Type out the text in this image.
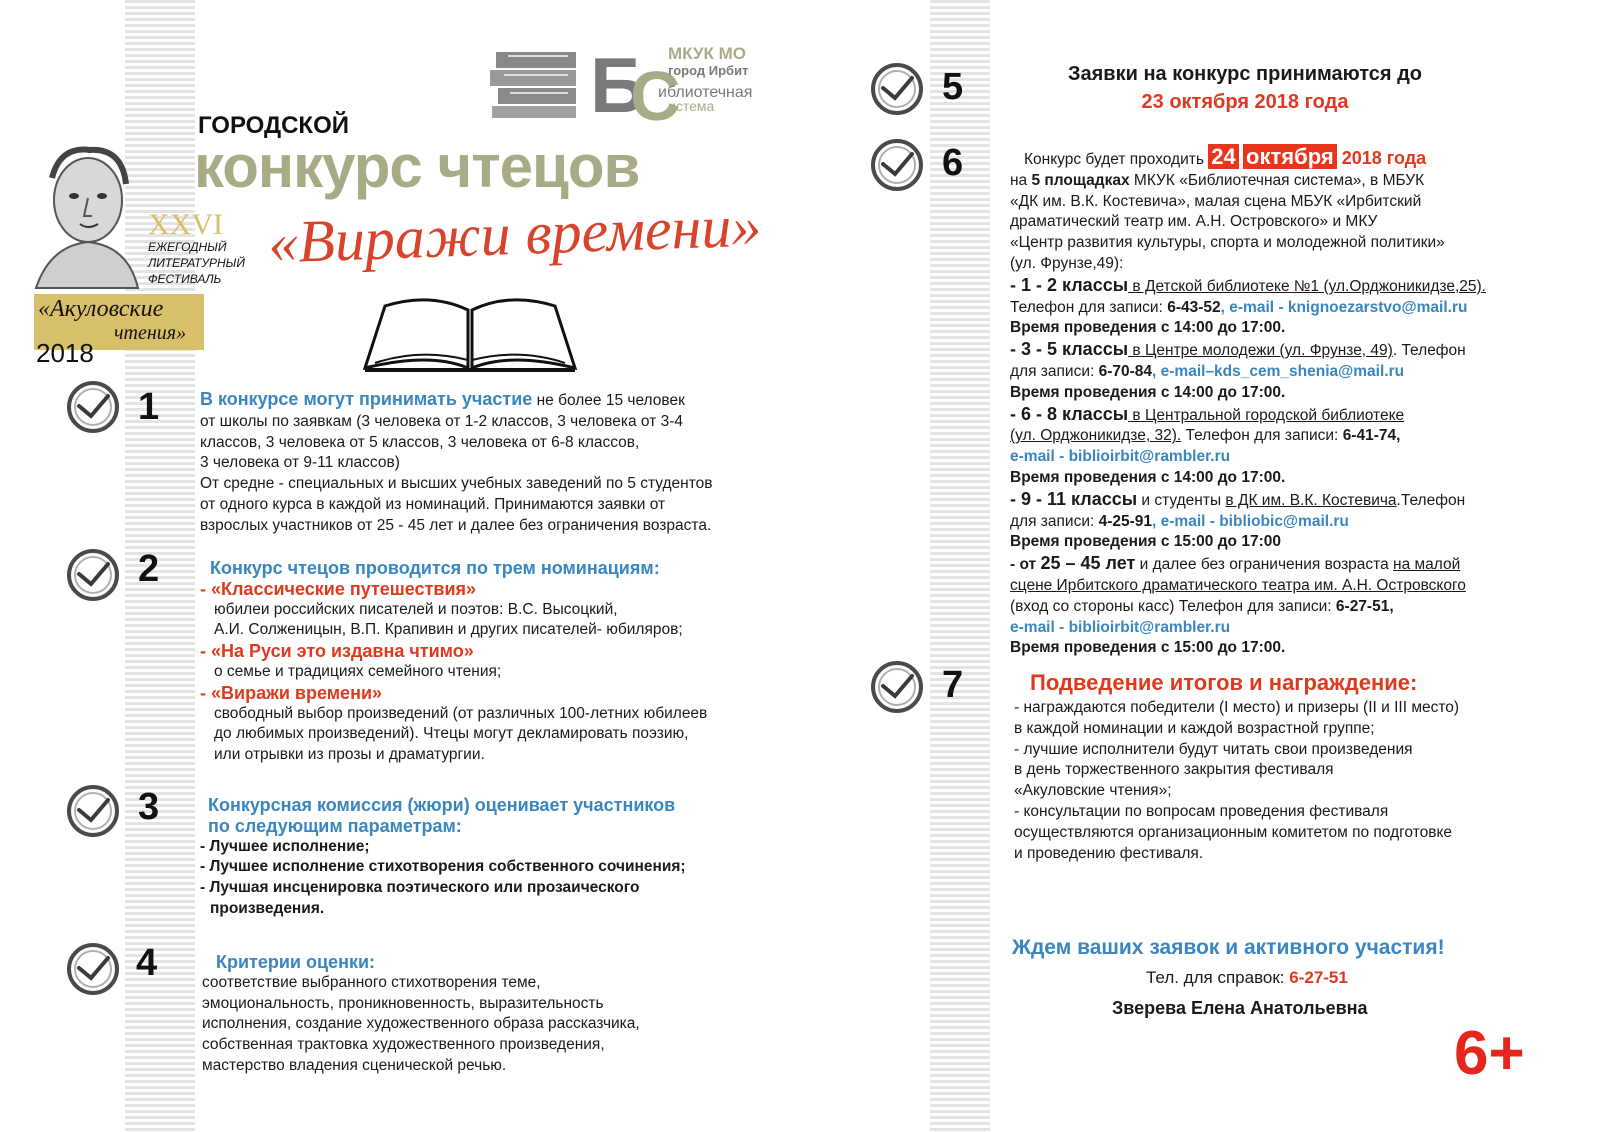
Б
С
МКУК МО
город Ирбит
иблиотечная
истема
ГОРОДСКОЙ
конкурс чтецов
«Виражи времени»
XXVI
ЕЖЕГОДНЫЙ
ЛИТЕРАТУРНЫЙ
ФЕСТИВАЛЬ
«Акуловские
чтения»
2018
1 В конкурсе могут принимать участие не более 15 человек
от школы по заявкам (3 человека от 1-2 классов, 3 человека от 3-4
классов, 3 человека от 5 классов, 3 человека от 6-8 классов,
3 человека от 9-11 классов)
От средне - специальных и высших учебных заведений по 5 студентов
от одного курса в каждой из номинаций. Принимаются заявки от
взрослых участников от 25 - 45 лет и далее без ограничения возраста.
2	Конкурс чтецов проводится по трем номинациям:
- «Классические путешествия»
юбилеи российских писателей и поэтов: В.С. Высоцкий,
А.И. Солженицын, В.П. Крапивин и других писателей- юбиляров;
- «На Руси это издавна чтимо»
о семье и традициях семейного чтения;
- «Виражи времени»
свободный выбор произведений (от различных 100-летних юбилеев
до любимых произведений). Чтецы могут декламировать поэзию,
или отрывки из прозы и драматургии.
3	Конкурсная комиссия (жюри) оценивает участников
по следующим параметрам:
- Лучшее исполнение;
- Лучшее исполнение стихотворения собственного сочинения;
- Лучшая инсценировка поэтического или прозаического
произведения.
4	Критерии оценки:
соответствие выбранного стихотворения теме,
эмоциональность, проникновенность, выразительность
исполнения, создание художественного образа рассказчика,
собственная трактовка художественного произведения,
мастерство владения сценической речью.
5	Заявки на конкурс принимаются до
23 октября 2018 года
6	Конкурс будет проходить 24 октября 2018 года
на 5 площадках МКУК «Библиотечная система», в МБУК
«ДК им. В.К. Костевича», малая сцена МБУК «Ирбитский
драматический театр им. А.Н. Островского» и МКУ
«Центр развития культуры, спорта и молодежной политики»
(ул. Фрунзе,49):
- 1 - 2 классы в Детской библиотеке №1 (ул.Орджоникидзе,25).
Телефон для записи: 6-43-52, e-mail - knignoezarstvo@mail.ru
Время проведения с 14:00 до 17:00.
- 3 - 5 классы в Центре молодежи (ул. Фрунзе, 49). Телефон
для записи: 6-70-84, e-mail–kds_cem_shenia@mail.ru
Время проведения с 14:00 до 17:00.
- 6 - 8 классы в Центральной городской библиотеке
(ул. Орджоникидзе, 32). Телефон для записи: 6-41-74,
e-mail - biblioirbit@rambler.ru
Время проведения с 14:00 до 17:00.
- 9 - 11 классы и студенты в ДК им. В.К. Костевича.Телефон
для записи: 4-25-91, e-mail - bibliobic@mail.ru
Время проведения с 15:00 до 17:00
- от 25 – 45 лет и далее без ограничения возраста на малой
сцене Ирбитского драматического театра им. А.Н. Островского
(вход со стороны касс) Телефон для записи: 6-27-51,
e-mail - biblioirbit@rambler.ru
Время проведения с 15:00 до 17:00.
7	Подведение итогов и награждение:
- награждаются победители (I место) и призеры (II и III место)
в каждой номинации и каждой возрастной группе;
- лучшие исполнители будут читать свои произведения
в день торжественного закрытия фестиваля
«Акуловские чтения»;
- консультации по вопросам проведения фестиваля
осуществляются организационным комитетом по подготовке
и проведению фестиваля.
Ждем ваших заявок и активного участия!
Тел. для справок: 6-27-51
Зверева Елена Анатольевна
6+
